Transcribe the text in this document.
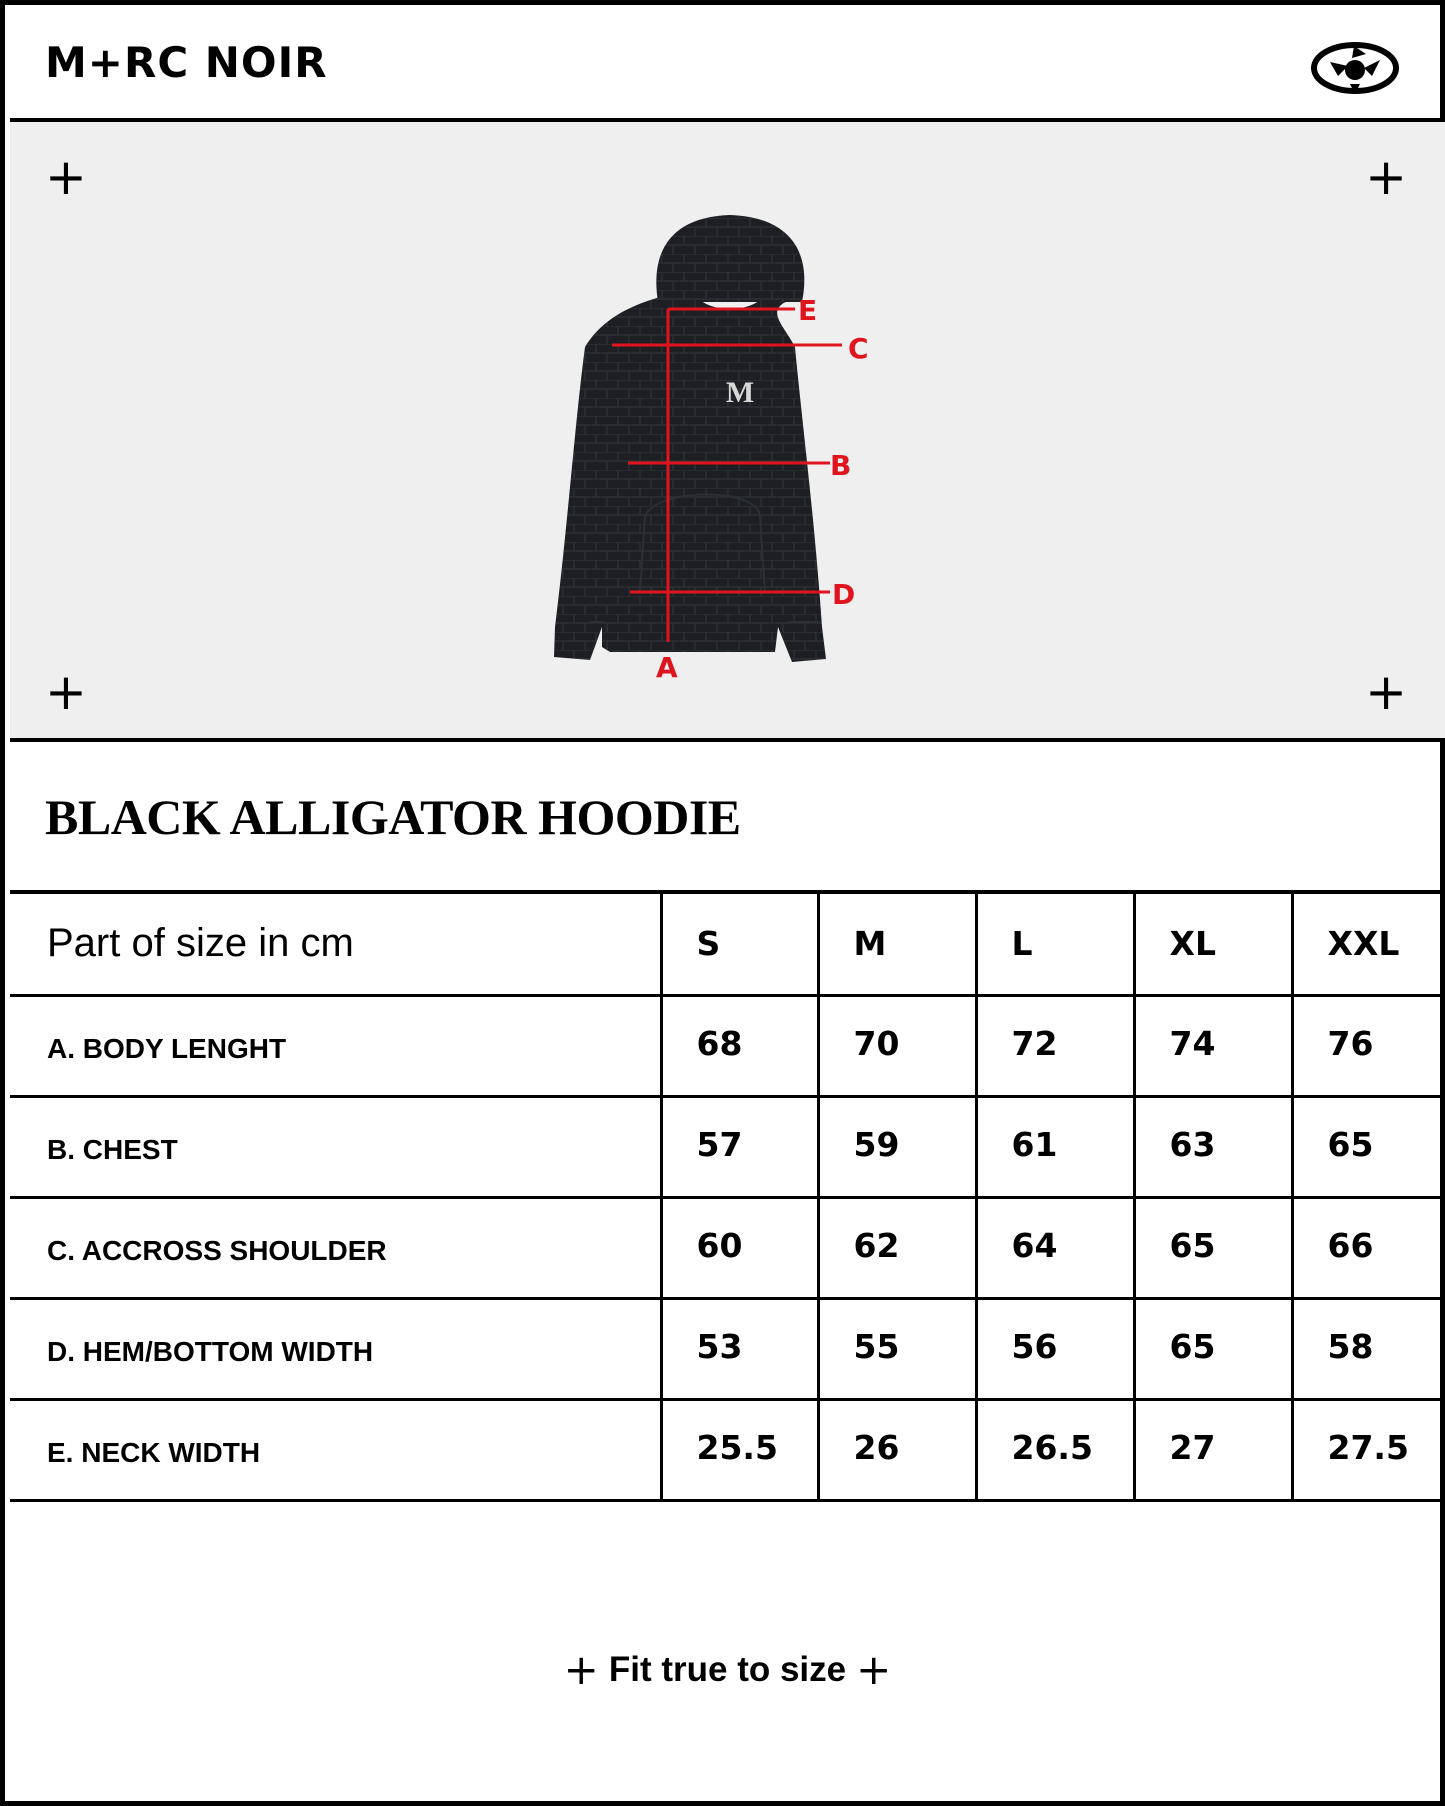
M+RC NOIR
+	+
+	+
M
E
C
B
D
A
BLACK ALLIGATOR HOODIE
Part of size in cm	S	M	L	XL	XXL
A. BODY LENGHT	68	70	72	74	76
B. CHEST	57	59	61	63	65
C. ACCROSS SHOULDER	60	62	64	65	66
D. HEM/BOTTOM WIDTH	53	55	56	65	58
E. NECK WIDTH	25.5	26	26.5	27	27.5
+ Fit true to size +
